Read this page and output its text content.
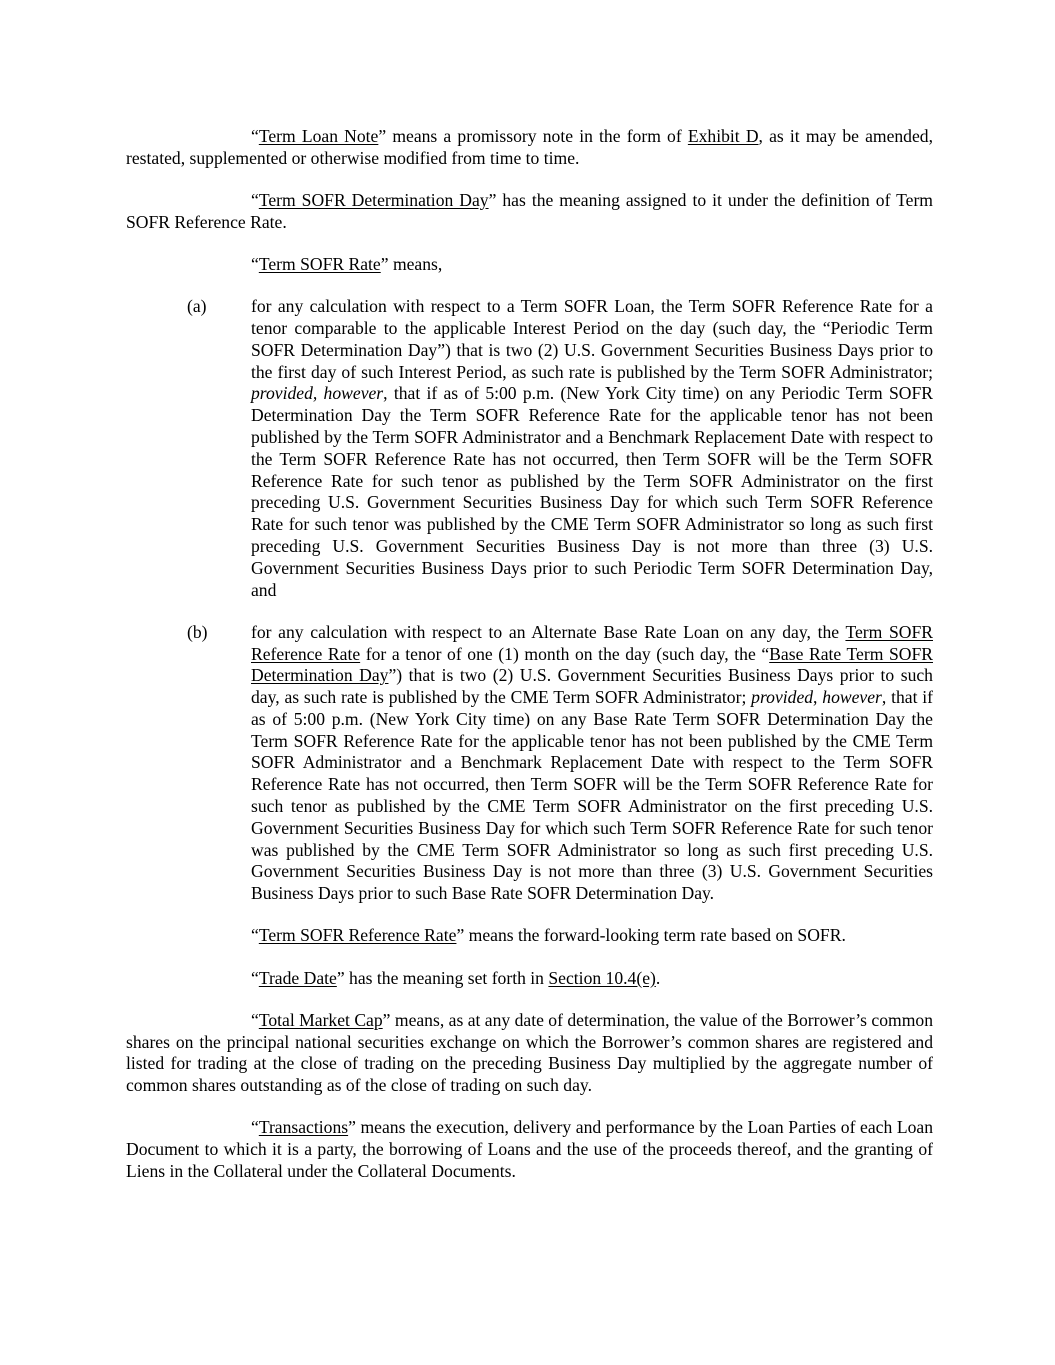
“Term Loan Note” means a promissory note in the form of Exhibit D, as it may be amended, restated, supplemented or otherwise modified from time to time.

“Term SOFR Determination Day” has the meaning assigned to it under the definition of Term SOFR Reference Rate.

“Term SOFR Rate” means,

(a)	for any calculation with respect to a Term SOFR Loan, the Term SOFR Reference Rate for a tenor comparable to the applicable Interest Period on the day (such day, the “Periodic Term SOFR Determination Day”) that is two (2) U.S. Government Securities Business Days prior to the first day of such Interest Period, as such rate is published by the Term SOFR Administrator; provided, however, that if as of 5:00 p.m. (New York City time) on any Periodic Term SOFR Determination Day the Term SOFR Reference Rate for the applicable tenor has not been published by the Term SOFR Administrator and a Benchmark Replacement Date with respect to the Term SOFR Reference Rate has not occurred, then Term SOFR will be the Term SOFR Reference Rate for such tenor as published by the Term SOFR Administrator on the first preceding U.S. Government Securities Business Day for which such Term SOFR Reference Rate for such tenor was published by the CME Term SOFR Administrator so long as such first preceding U.S. Government Securities Business Day is not more than three (3) U.S. Government Securities Business Days prior to such Periodic Term SOFR Determination Day, and
(b) for any calculation with respect to an Alternate Base Rate Loan on any day, the Term SOFR Reference Rate for a tenor of one (1) month on the day (such day, the “Base Rate Term SOFR Determination Day”) that is two (2) U.S. Government Securities Business Days prior to such day, as such rate is published by the CME Term SOFR Administrator; provided, however, that if as of 5:00 p.m. (New York City time) on any Base Rate Term SOFR Determination Day the Term SOFR Reference Rate for the applicable tenor has not been published by the CME Term SOFR Administrator and a Benchmark Replacement Date with respect to the Term SOFR Reference Rate has not occurred, then Term SOFR will be the Term SOFR Reference Rate for such tenor as published by the CME Term SOFR Administrator on the first preceding U.S. Government Securities Business Day for which such Term SOFR Reference Rate for such tenor was published by the CME Term SOFR Administrator so long as such first preceding U.S. Government Securities Business Day is not more than three (3) U.S. Government Securities Business Days prior to such Base Rate SOFR Determination Day.

“Term SOFR Reference Rate” means the forward-looking term rate based on SOFR.

“Trade Date” has the meaning set forth in Section 10.4(e).

“Total Market Cap” means, as at any date of determination, the value of the Borrower’s common shares on the principal national securities exchange on which the Borrower’s common shares are registered and listed for trading at the close of trading on the preceding Business Day multiplied by the aggregate number of common shares outstanding as of the close of trading on such day.

“Transactions” means the execution, delivery and performance by the Loan Parties of each Loan Document to which it is a party, the borrowing of Loans and the use of the proceeds thereof, and the granting of Liens in the Collateral under the Collateral Documents.
